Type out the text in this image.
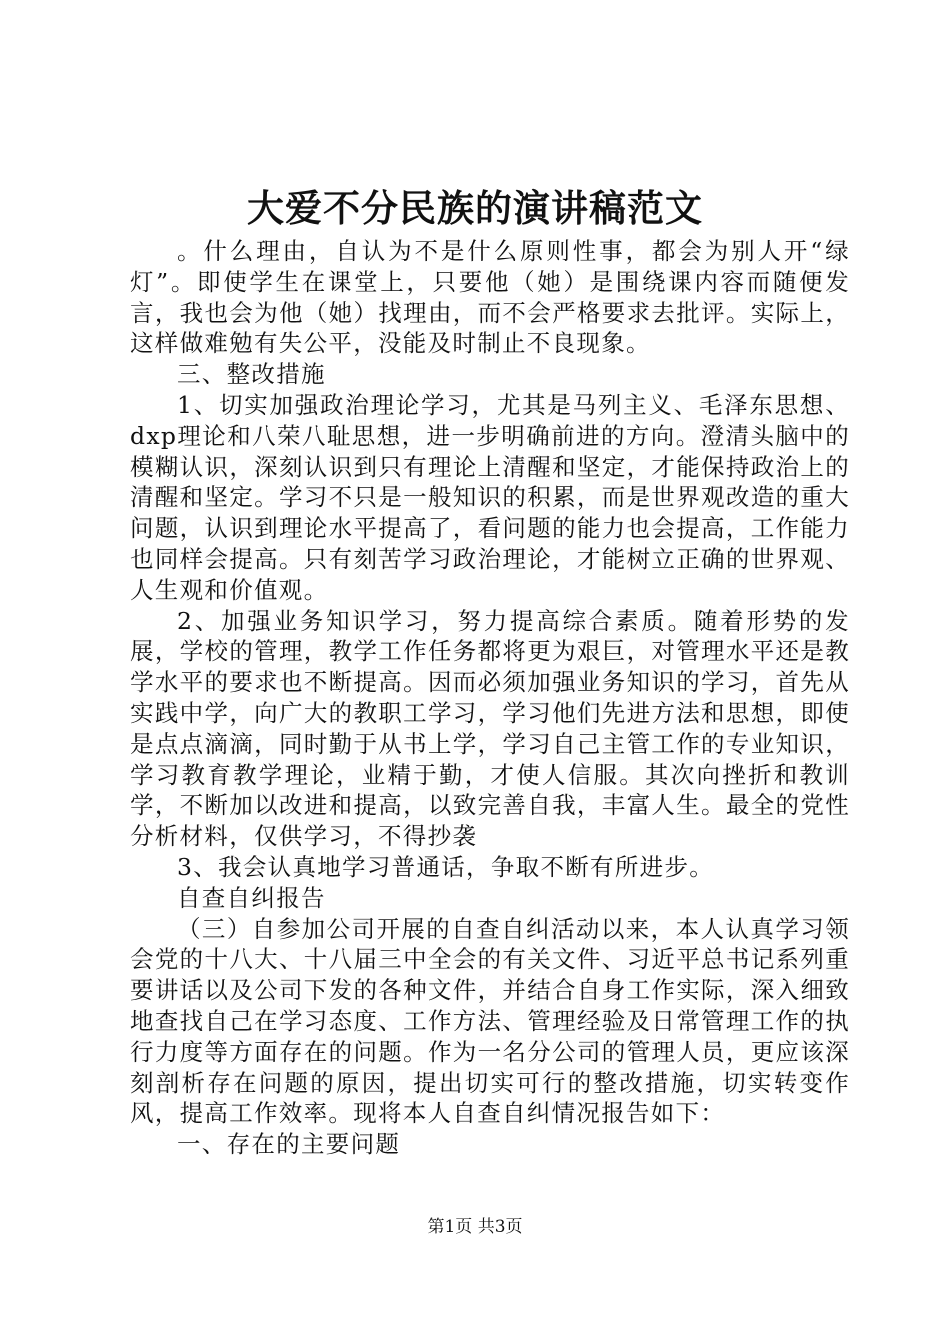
大爱不分民族的演讲稿范文

。什么理由，自认为不是什么原则性事，都会为别人开“绿灯”。即使学生在课堂上，只要他（她）是围绕课内容而随便发言，我也会为他（她）找理由，而不会严格要求去批评。实际上，这样做难勉有失公平，没能及时制止不良现象。

三、整改措施

1、切实加强政治理论学习，尤其是马列主义、毛泽东思想、dxp理论和八荣八耻思想，进一步明确前进的方向。澄清头脑中的模糊认识，深刻认识到只有理论上清醒和坚定，才能保持政治上的清醒和坚定。学习不只是一般知识的积累，而是世界观改造的重大问题，认识到理论水平提高了，看问题的能力也会提高，工作能力也同样会提高。只有刻苦学习政治理论，才能树立正确的世界观、人生观和价值观。

2、加强业务知识学习，努力提高综合素质。随着形势的发展，学校的管理，教学工作任务都将更为艰巨，对管理水平还是教学水平的要求也不断提高。因而必须加强业务知识的学习，首先从实践中学，向广大的教职工学习，学习他们先进方法和思想，即使是点点滴滴，同时勤于从书上学，学习自己主管工作的专业知识，学习教育教学理论，业精于勤，才使人信服。其次向挫折和教训学，不断加以改进和提高，以致完善自我，丰富人生。最全的党性分析材料，仅供学习，不得抄袭

3、我会认真地学习普通话，争取不断有所进步。

自查自纠报告

（三）自参加公司开展的自查自纠活动以来，本人认真学习领会党的十八大、十八届三中全会的有关文件、习近平总书记系列重要讲话以及公司下发的各种文件，并结合自身工作实际，深入细致地查找自己在学习态度、工作方法、管理经验及日常管理工作的执行力度等方面存在的问题。作为一名分公司的管理人员，更应该深刻剖析存在问题的原因，提出切实可行的整改措施，切实转变作风，提高工作效率。现将本人自查自纠情况报告如下：

一、存在的主要问题

第1页 共3页
